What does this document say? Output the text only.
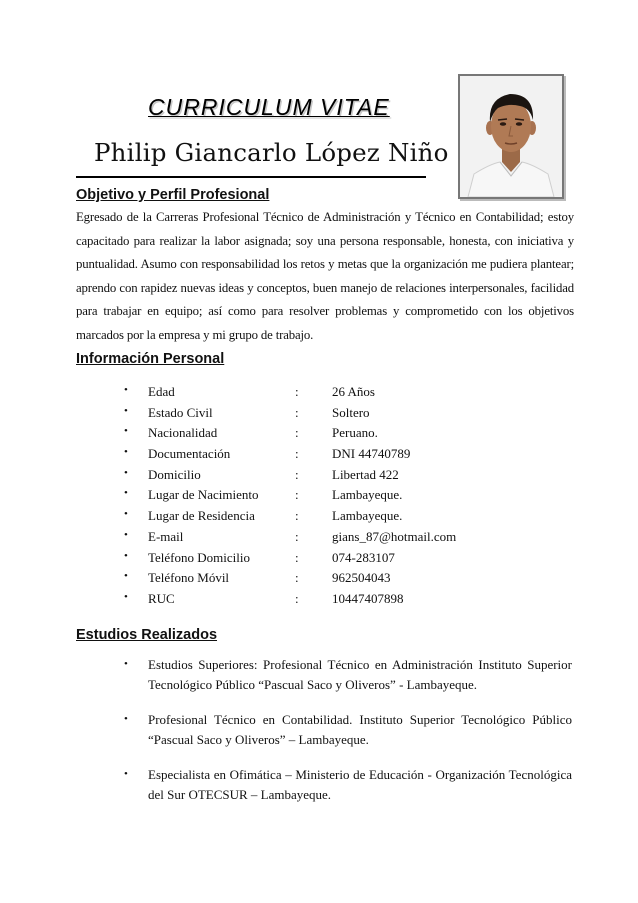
CURRICULUM VITAE
Philip Giancarlo López Niño
Objetivo y Perfil Profesional

Egresado de la Carreras Profesional Técnico de Administración y Técnico en Contabilidad; estoy capacitado para realizar la labor asignada; soy una persona responsable, honesta, con iniciativa y puntualidad. Asumo con responsabilidad los retos y metas que la organización me pudiera plantear; aprendo con rapidez nuevas ideas y conceptos, buen manejo de relaciones interpersonales, facilidad para trabajar en equipo; así como para resolver problemas y comprometido con los objetivos marcados por la empresa y mi grupo de trabajo.

Información Personal
• Edad	:	26 Años
• Estado Civil	:	Soltero
• Nacionalidad	:	Peruano.
• Documentación	:	DNI 44740789
• Domicilio	:	Libertad 422
• Lugar de Nacimiento	:	Lambayeque.
• Lugar de Residencia	:	Lambayeque.
• E-mail	:	gians_87@hotmail.com
• Teléfono Domicilio	:	074-283107
• Teléfono Móvil	:	962504043
• RUC	:	10447407898
Estudios Realizados
• Estudios Superiores: Profesional Técnico en Administración Instituto Superior Tecnológico Público “Pascual Saco y Oliveros” - Lambayeque.
• Profesional Técnico en Contabilidad. Instituto Superior Tecnológico Público “Pascual Saco y Oliveros” – Lambayeque.
• Especialista en Ofimática – Ministerio de Educación - Organización Tecnológica del Sur OTECSUR – Lambayeque.
